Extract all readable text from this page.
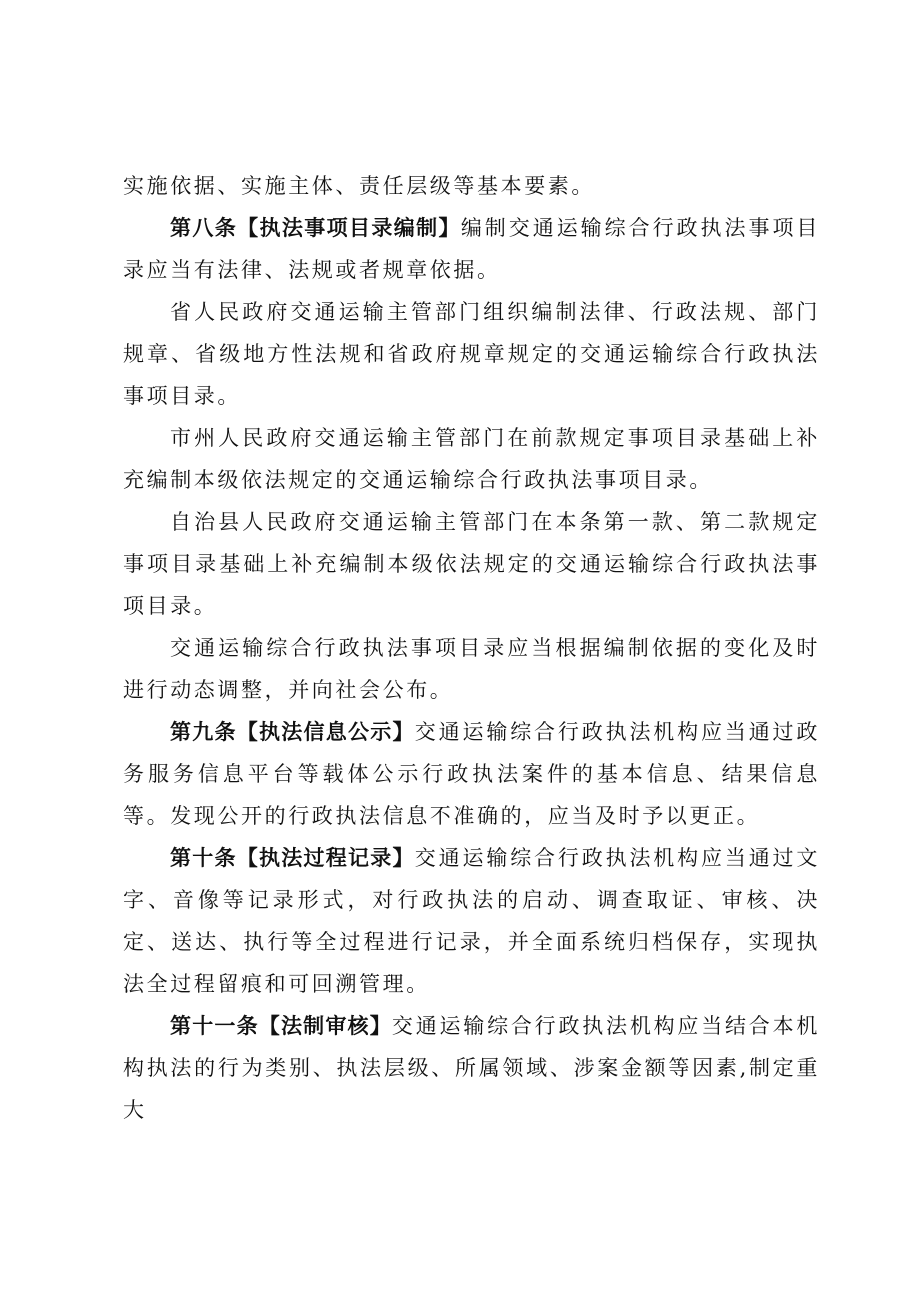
实施依据、实施主体、责任层级等基本要素。

第八条【执法事项目录编制】编制交通运输综合行政执法事项目录应当有法律、法规或者规章依据。

省人民政府交通运输主管部门组织编制法律、行政法规、部门规章、省级地方性法规和省政府规章规定的交通运输综合行政执法事项目录。

市州人民政府交通运输主管部门在前款规定事项目录基础上补充编制本级依法规定的交通运输综合行政执法事项目录。

自治县人民政府交通运输主管部门在本条第一款、第二款规定事项目录基础上补充编制本级依法规定的交通运输综合行政执法事项目录。

交通运输综合行政执法事项目录应当根据编制依据的变化及时进行动态调整，并向社会公布。

第九条【执法信息公示】交通运输综合行政执法机构应当通过政务服务信息平台等载体公示行政执法案件的基本信息、结果信息等。发现公开的行政执法信息不准确的，应当及时予以更正。

第十条【执法过程记录】交通运输综合行政执法机构应当通过文字、音像等记录形式，对行政执法的启动、调查取证、审核、决定、送达、执行等全过程进行记录，并全面系统归档保存，实现执法全过程留痕和可回溯管理。

第十一条【法制审核】交通运输综合行政执法机构应当结合本机构执法的行为类别、执法层级、所属领域、涉案金额等因素,制定重大
